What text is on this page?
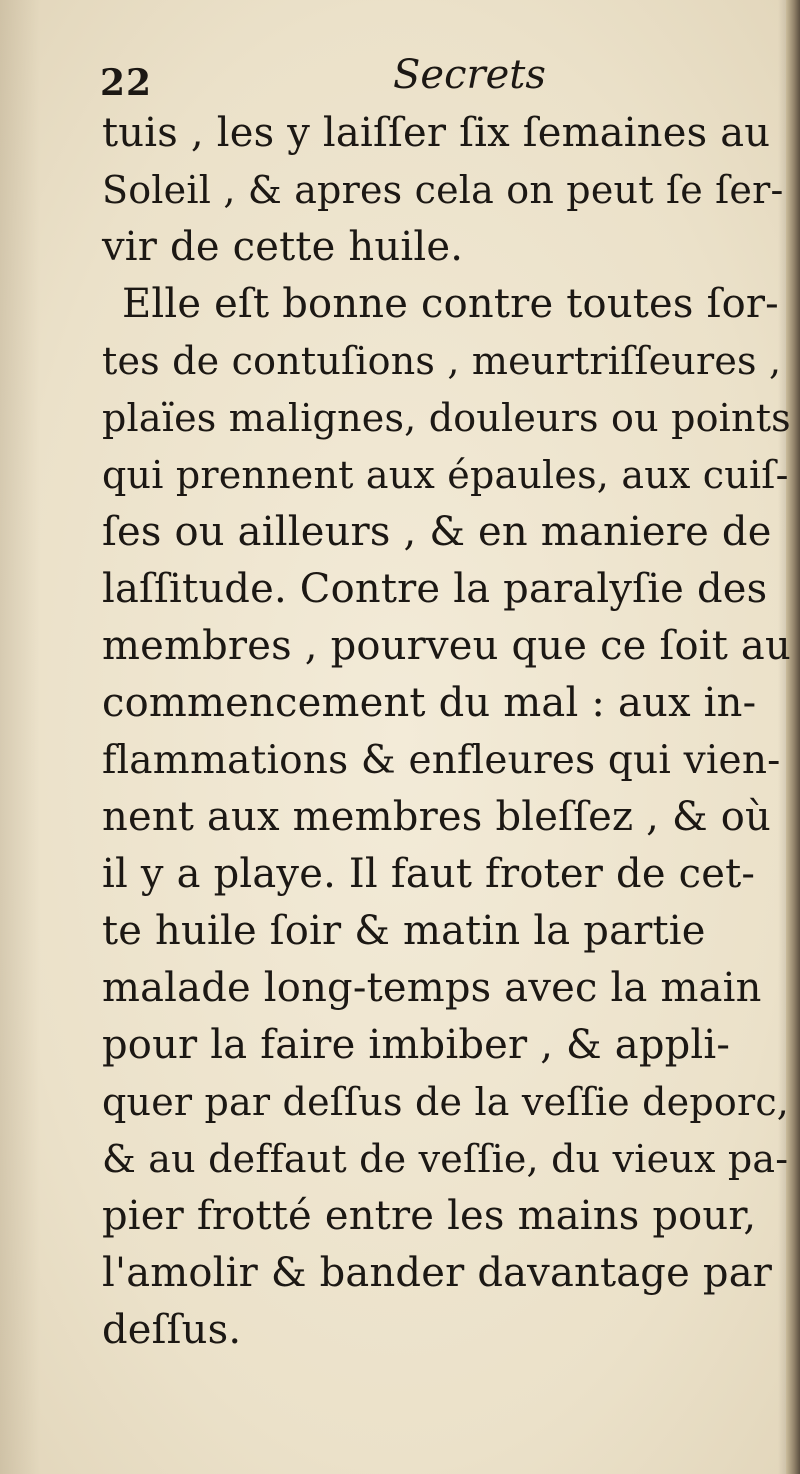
22	Secrets
tuis , les y laiſſer ſix ſemaines au
Soleil , & apres cela on peut ſe ſer-
vir de cette huile.
Elle eſt bonne contre toutes ſor-
tes de contuſions , meurtriſſeures ,
plaïes malignes, douleurs ou points
qui prennent aux épaules, aux cuiſ-
ſes ou ailleurs , & en maniere de
laſſitude. Contre la paralyſie des
membres , pourveu que ce ſoit au
commencement du mal : aux in-
flammations & enfleures qui vien-
nent aux membres bleſſez , & où
il y a playe. Il faut froter de cet-
te huile ſoir & matin la partie
malade long-temps avec la main
pour la faire imbiber , & appli-
quer par deſſus de la veſſie deporc,
& au deffaut de veſſie, du vieux pa-
pier frotté entre les mains pour,
l'amolir & bander davantage par
deſſus.
